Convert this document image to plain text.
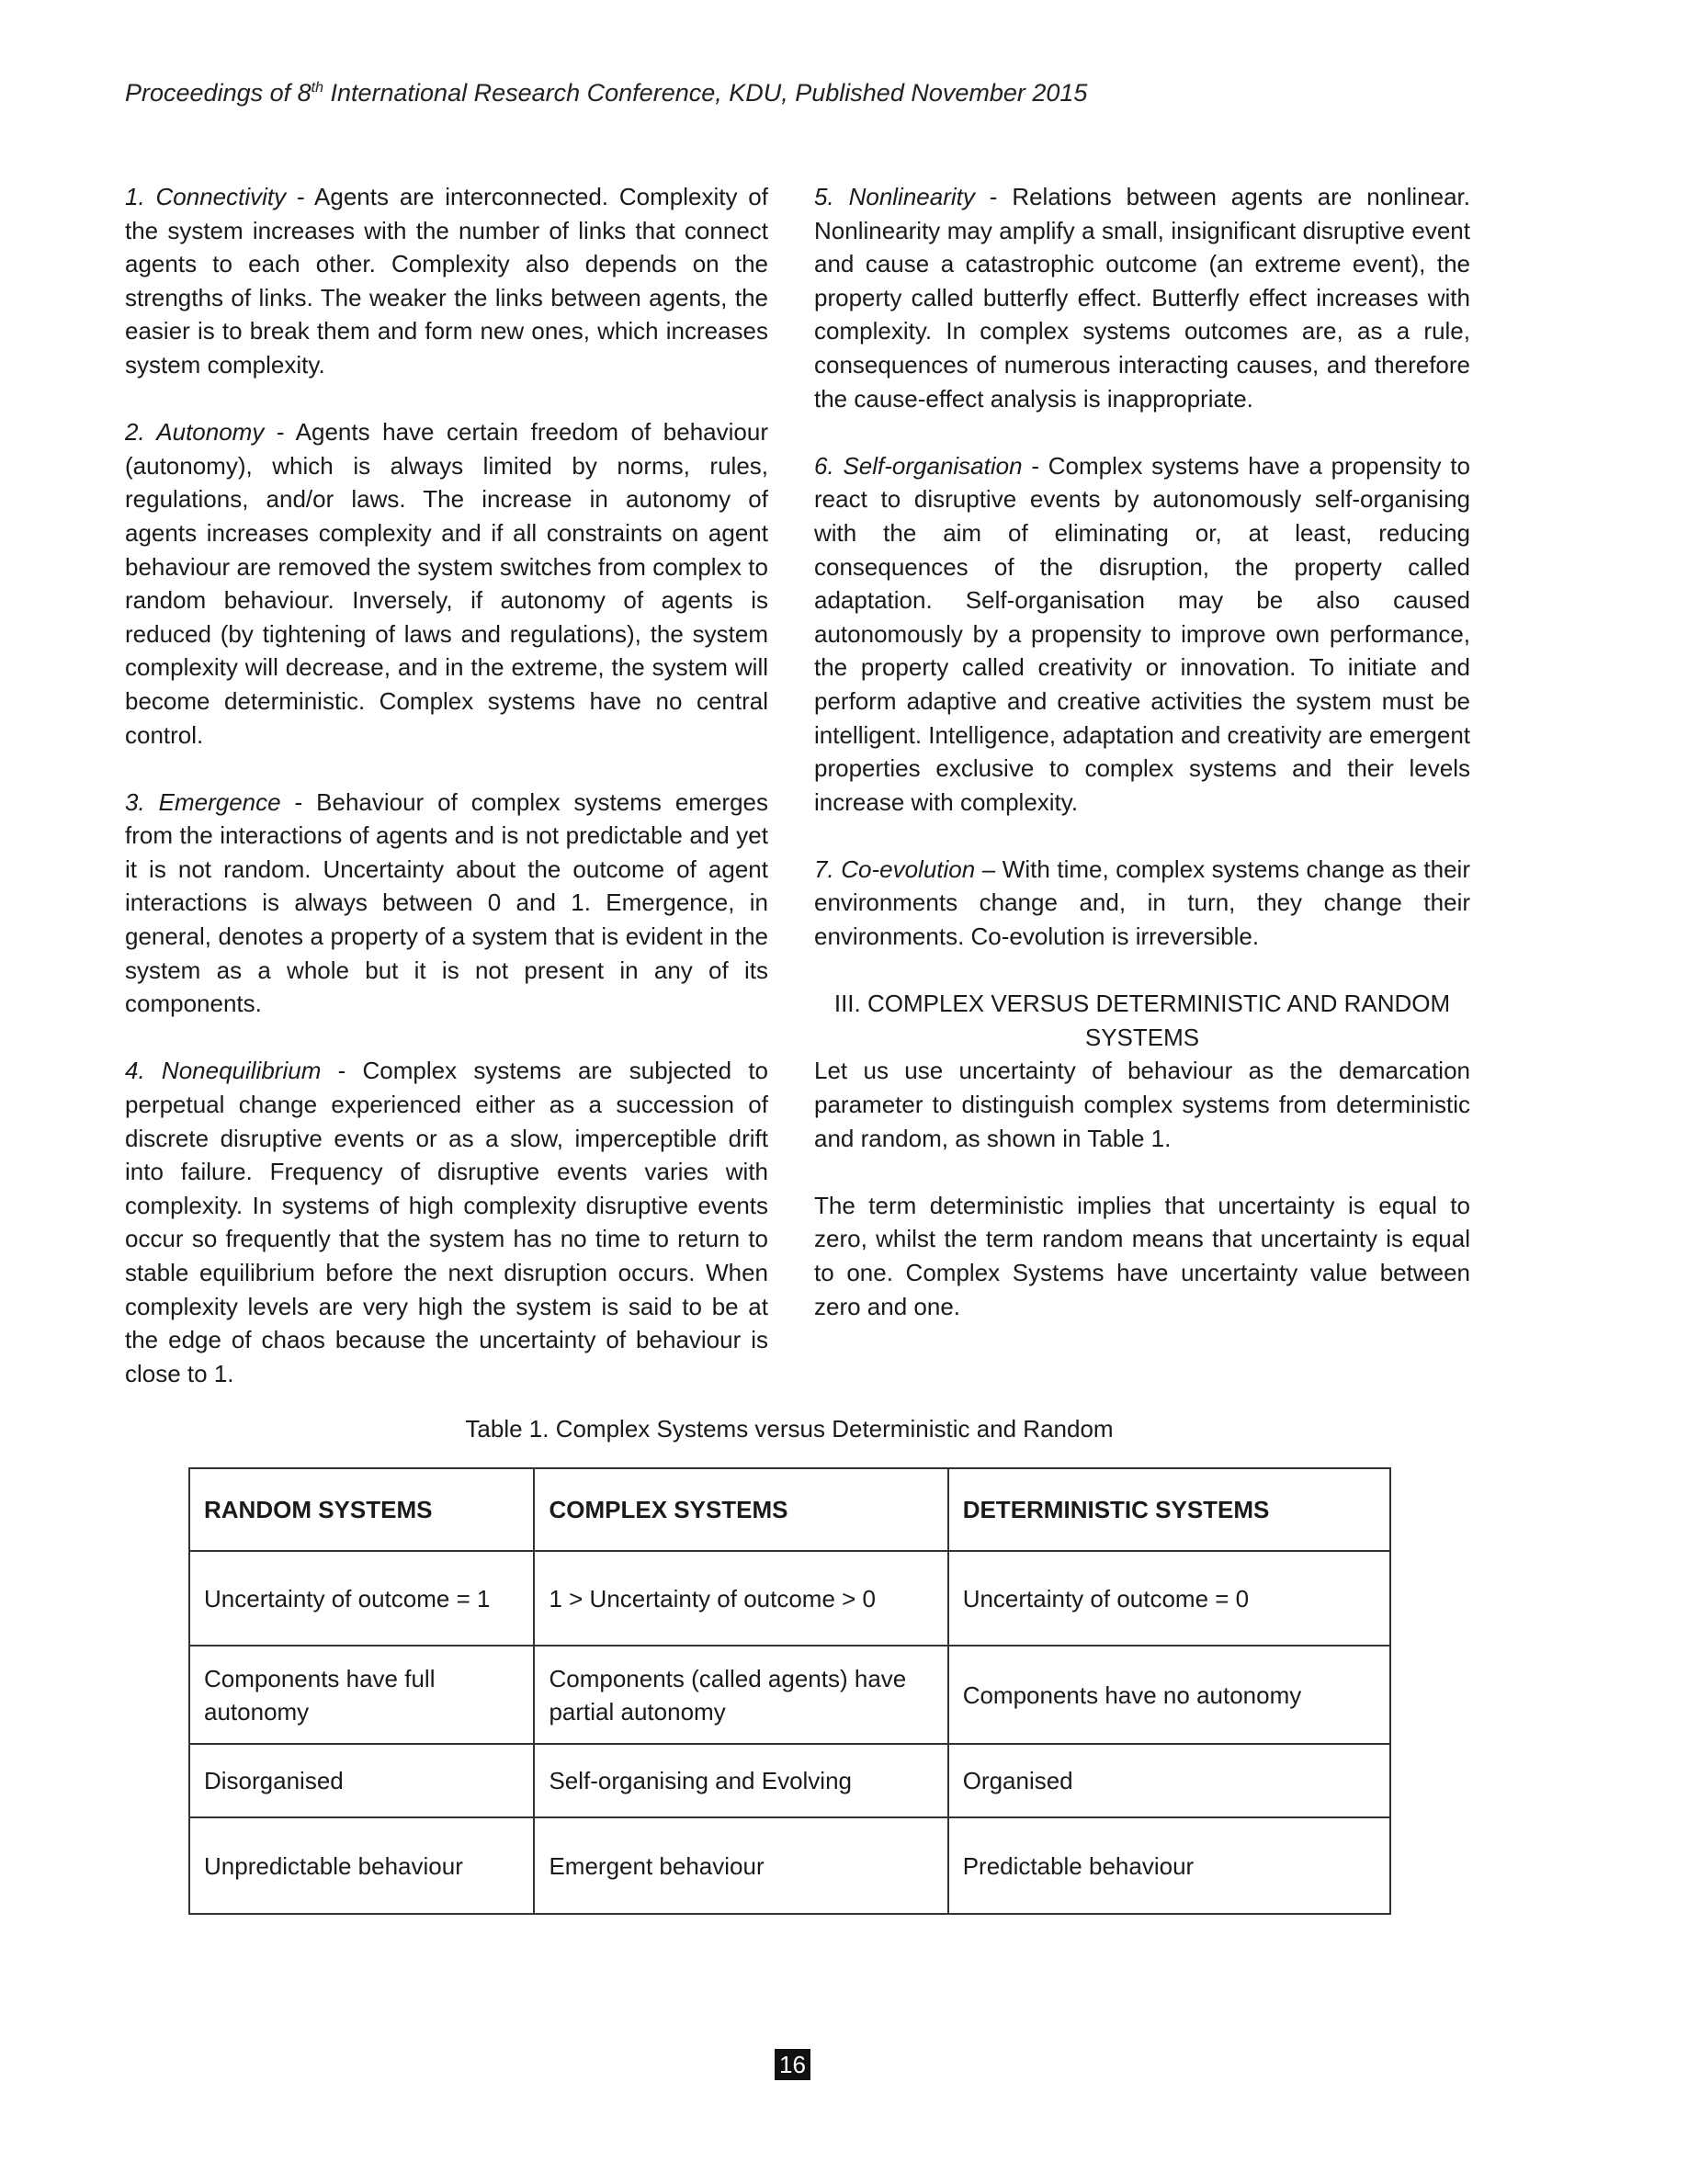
Proceedings of 8th International Research Conference, KDU, Published November 2015

1. Connectivity - Agents are interconnected. Complexity of the system increases with the number of links that connect agents to each other. Complexity also depends on the strengths of links. The weaker the links between agents, the easier is to break them and form new ones, which increases system complexity.

2. Autonomy - Agents have certain freedom of behaviour (autonomy), which is always limited by norms, rules, regulations, and/or laws. The increase in autonomy of agents increases complexity and if all constraints on agent behaviour are removed the system switches from complex to random behaviour. Inversely, if autonomy of agents is reduced (by tightening of laws and regulations), the system complexity will decrease, and in the extreme, the system will become deterministic. Complex systems have no central control.

3. Emergence - Behaviour of complex systems emerges from the interactions of agents and is not predictable and yet it is not random. Uncertainty about the outcome of agent interactions is always between 0 and 1. Emergence, in general, denotes a property of a system that is evident in the system as a whole but it is not present in any of its components.

4. Nonequilibrium - Complex systems are subjected to perpetual change experienced either as a succession of discrete disruptive events or as a slow, imperceptible drift into failure. Frequency of disruptive events varies with complexity. In systems of high complexity disruptive events occur so frequently that the system has no time to return to stable equilibrium before the next disruption occurs. When complexity levels are very high the system is said to be at the edge of chaos because the uncertainty of behaviour is close to 1.

5. Nonlinearity - Relations between agents are nonlinear. Nonlinearity may amplify a small, insignificant disruptive event and cause a catastrophic outcome (an extreme event), the property called butterfly effect. Butterfly effect increases with complexity. In complex systems outcomes are, as a rule, consequences of numerous interacting causes, and therefore the cause-effect analysis is inappropriate.

6. Self-organisation - Complex systems have a propensity to react to disruptive events by autonomously self-organising with the aim of eliminating or, at least, reducing consequences of the disruption, the property called adaptation. Self-organisation may be also caused autonomously by a propensity to improve own performance, the property called creativity or innovation. To initiate and perform adaptive and creative activities the system must be intelligent. Intelligence, adaptation and creativity are emergent properties exclusive to complex systems and their levels increase with complexity.

7. Co-evolution – With time, complex systems change as their environments change and, in turn, they change their environments. Co-evolution is irreversible.

III. COMPLEX VERSUS DETERMINISTIC AND RANDOM
SYSTEMS

Let us use uncertainty of behaviour as the demarcation parameter to distinguish complex systems from deterministic and random, as shown in Table 1.

The term deterministic implies that uncertainty is equal to zero, whilst the term random means that uncertainty is equal to one. Complex Systems have uncertainty value between zero and one.

Table 1. Complex Systems versus Deterministic and Random
RANDOM SYSTEMS	COMPLEX SYSTEMS	DETERMINISTIC SYSTEMS
Uncertainty of outcome = 1	1 > Uncertainty of outcome > 0	Uncertainty of outcome = 0
Components have full autonomy	Components (called agents) have partial autonomy	Components have no autonomy
Disorganised	Self-organising and Evolving	Organised
Unpredictable behaviour	Emergent behaviour	Predictable behaviour
16
